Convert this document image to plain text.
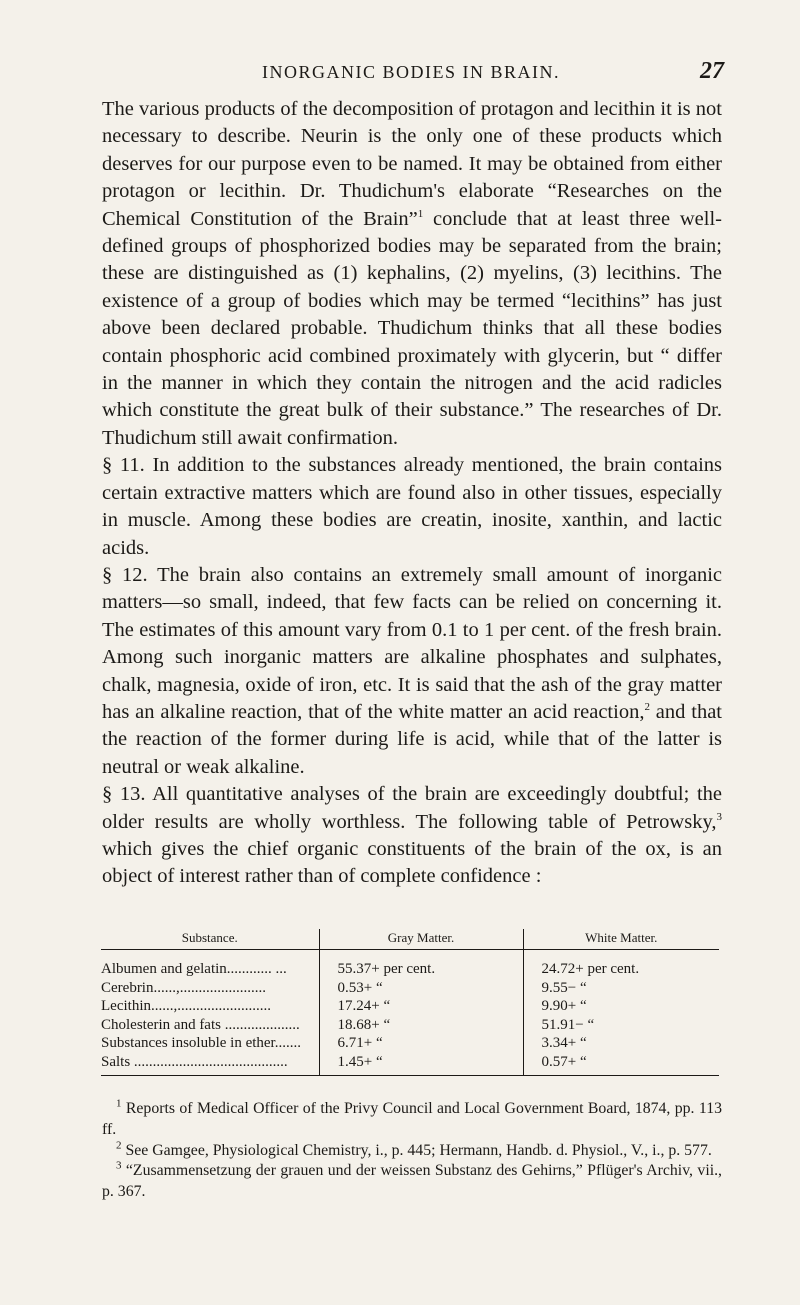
INORGANIC BODIES IN BRAIN.	27

The various products of the decomposition of protagon and lecithin it is not necessary to describe. Neurin is the only one of these products which deserves for our purpose even to be named. It may be obtained from either protagon or lecithin. Dr. Thudichum's elaborate “Researches on the Chemical Constitution of the Brain”$^1$ conclude that at least three well-defined groups of phosphorized bodies may be separated from the brain; these are distinguished as (1) kephalins, (2) myelins, (3) lecithins. The existence of a group of bodies which may be termed “lecithins” has just above been declared probable. Thudichum thinks that all these bodies contain phosphoric acid combined proximately with glycerin, but “ differ in the manner in which they contain the nitrogen and the acid radicles which constitute the great bulk of their substance.” The researches of Dr. Thudichum still await confirmation.

§ 11. In addition to the substances already mentioned, the brain contains certain extractive matters which are found also in other tissues, especially in muscle. Among these bodies are creatin, inosite, xanthin, and lactic acids.

§ 12. The brain also contains an extremely small amount of inorganic matters—so small, indeed, that few facts can be relied on concerning it. The estimates of this amount vary from 0.1 to 1 per cent. of the fresh brain. Among such inorganic matters are alkaline phosphates and sulphates, chalk, magnesia, oxide of iron, etc. It is said that the ash of the gray matter has an alkaline reaction, that of the white matter an acid reaction,$^2$ and that the reaction of the former during life is acid, while that of the latter is neutral or weak alkaline.

§ 13. All quantitative analyses of the brain are exceedingly doubtful; the older results are wholly worthless. The following table of Petrowsky,$^3$ which gives the chief organic constituents of the brain of the ox, is an object of interest rather than of complete confidence :

Substance.	Gray Matter.	White Matter.
Albumen and gelatin............ ...	55.37+ per cent.	24.72+ per cent.
Cerebrin......,.......................	0.53+ “	9.55− “
Lecithin......,.........................	17.24+ “	9.90+ “
Cholesterin and fats ....................	18.68+ “	51.91− “
Substances insoluble in ether.......	6.71+ “	3.34+ “
Salts .........................................	1.45+ “	0.57+ “

$^1$ Reports of Medical Officer of the Privy Council and Local Government Board, 1874, pp. 113 ff.

$^2$ See Gamgee, Physiological Chemistry, i., p. 445; Hermann, Handb. d. Physiol., V., i., p. 577.

$^3$ “Zusammensetzung der grauen und der weissen Substanz des Gehirns,” Pflüger's Archiv, vii., p. 367.
